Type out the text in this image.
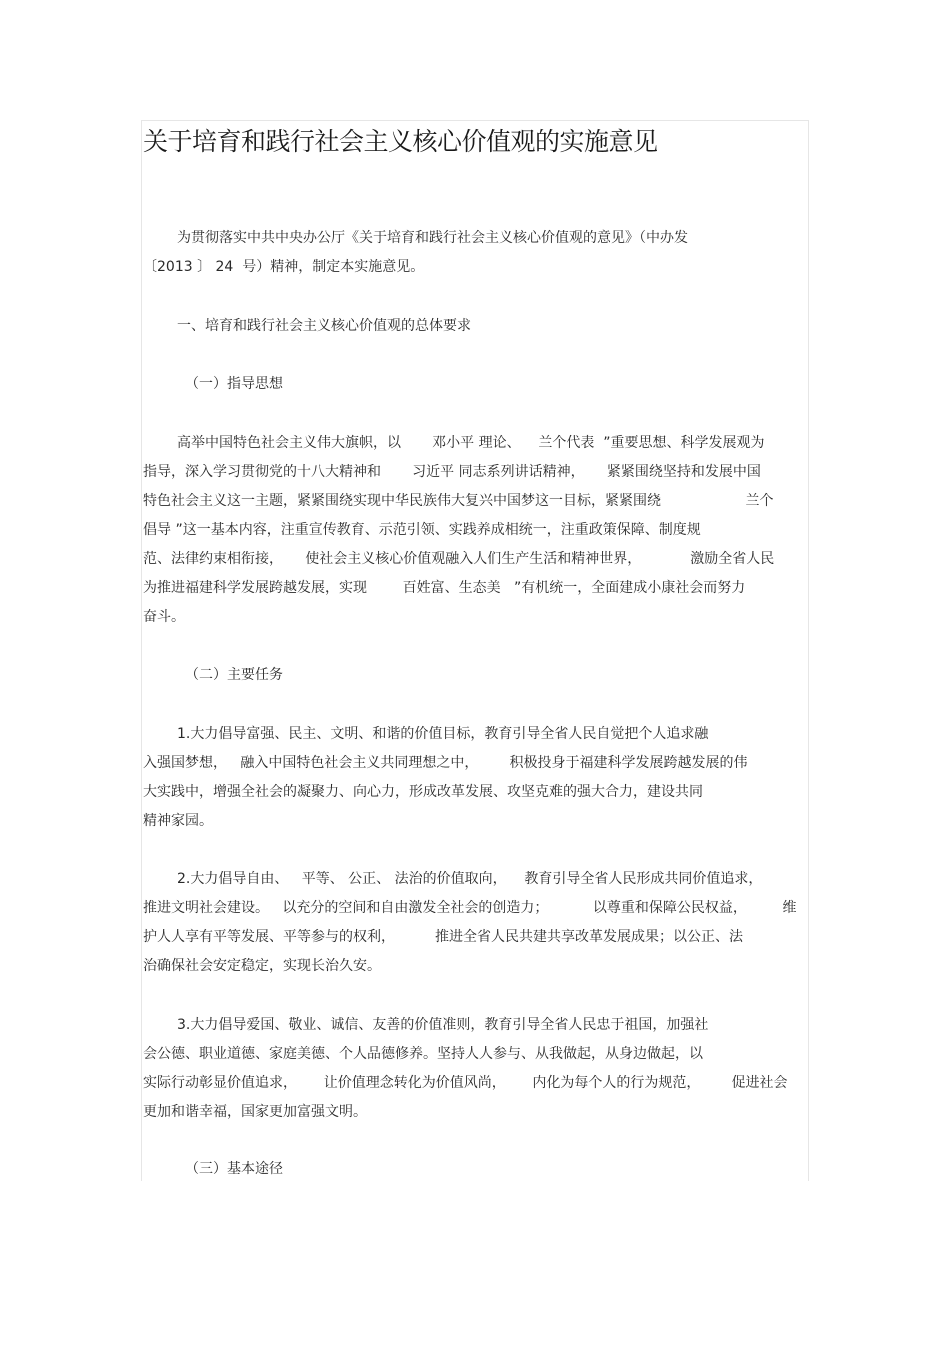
关于培育和践行社会主义核心价值观的实施意见
为贯彻落实中共中央办公厅《关于培育和践行社会主义核心价值观的意见》（中办发
〔2013 〕 24  号）精神，制定本实施意见。
一、培育和践行社会主义核心价值观的总体要求
（一）指导思想
高举中国特色社会主义伟大旗帜，以       邓小平 理论、    兰个代表  ”重要思想、科学发展观为
指导，深入学习贯彻党的十八大精神和       习近平 同志系列讲话精神，     紧紧围绕坚持和发展中国
特色社会主义这一主题，紧紧围绕实现中华民族伟大复兴中国梦这一目标，紧紧围绕                   兰个
倡导 ”这一基本内容，注重宣传教育、示范引领、实践养成相统一，注重政策保障、制度规
范、法律约束相衔接，     使社会主义核心价值观融入人们生产生活和精神世界，           激励全省人民
为推进福建科学发展跨越发展，实现        百姓富、生态美   ”有机统一，全面建成小康社会而努力
奋斗。
（二）主要任务
1.大力倡导富强、民主、文明、和谐的价值目标，教育引导全省人民自觉把个人追求融
入强国梦想，   融入中国特色社会主义共同理想之中，       积极投身于福建科学发展跨越发展的伟
大实践中，增强全社会的凝聚力、向心力，形成改革发展、攻坚克难的强大合力，建设共同
精神家园。
2.大力倡导自由、   平等、 公正、 法治的价值取向，    教育引导全省人民形成共同价值追求，
推进文明社会建设。   以充分的空间和自由激发全社会的创造力；          以尊重和保障公民权益，        维
护人人享有平等发展、平等参与的权利，         推进全省人民共建共享改革发展成果；以公正、法
治确保社会安定稳定，实现长治久安。
3.大力倡导爱国、敬业、诚信、友善的价值准则，教育引导全省人民忠于祖国，加强社
会公德、职业道德、家庭美德、个人品德修养。坚持人人参与、从我做起，从身边做起，以
实际行动彰显价值追求，      让价值理念转化为价值风尚，      内化为每个人的行为规范，       促进社会
更加和谐幸福，国家更加富强文明。
（三）基本途径
